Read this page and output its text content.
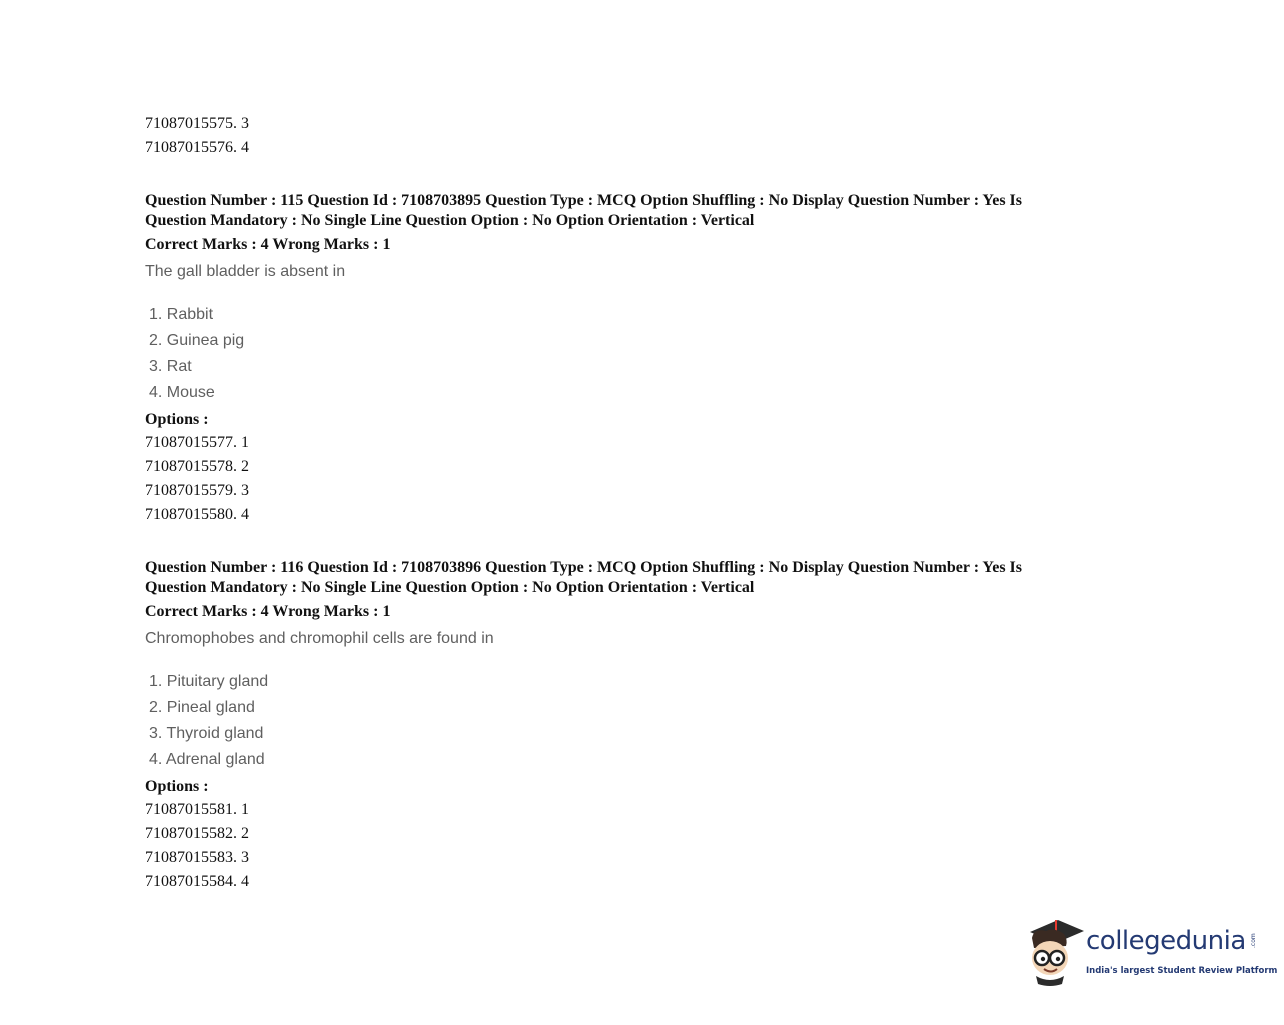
71087015575. 3
71087015576. 4
Question Number : 115 Question Id : 7108703895 Question Type : MCQ Option Shuffling : No Display Question Number : Yes Is
Question Mandatory : No Single Line Question Option : No Option Orientation : Vertical
Correct Marks : 4 Wrong Marks : 1
The gall bladder is absent in
1. Rabbit
2. Guinea pig
3. Rat
4. Mouse
Options :
71087015577. 1
71087015578. 2
71087015579. 3
71087015580. 4
Question Number : 116 Question Id : 7108703896 Question Type : MCQ Option Shuffling : No Display Question Number : Yes Is
Question Mandatory : No Single Line Question Option : No Option Orientation : Vertical
Correct Marks : 4 Wrong Marks : 1
Chromophobes and chromophil cells are found in
1. Pituitary gland
2. Pineal gland
3. Thyroid gland
4. Adrenal gland
Options :
71087015581. 1
71087015582. 2
71087015583. 3
71087015584. 4
collegedunia .com
India's largest Student Review Platform
